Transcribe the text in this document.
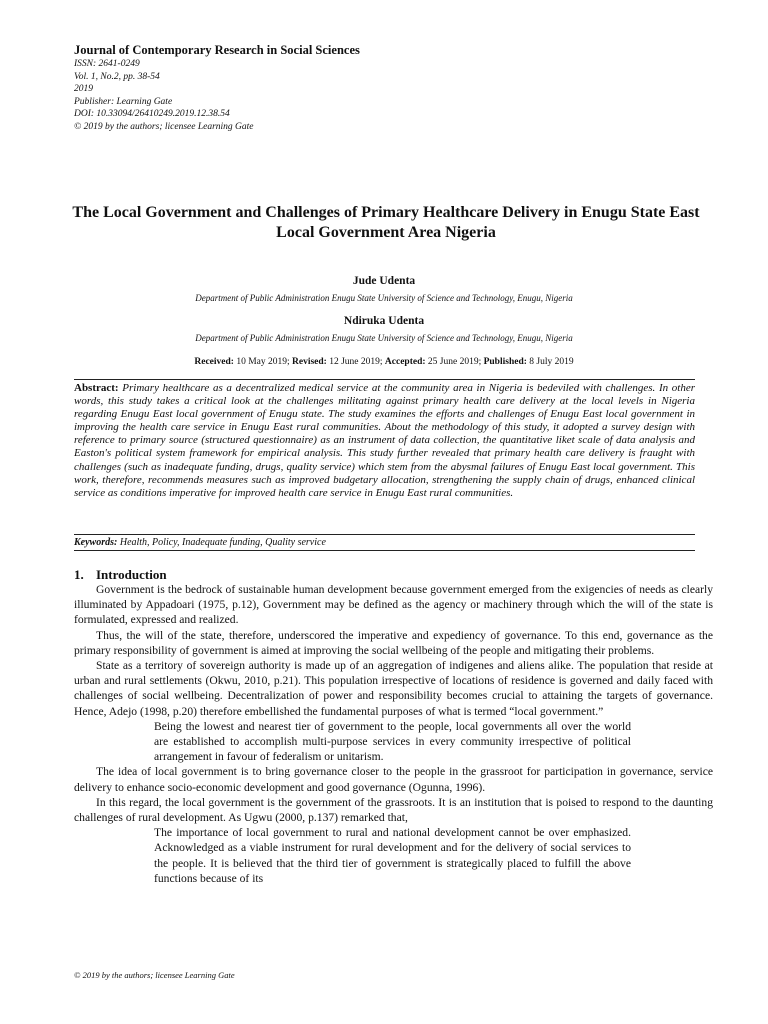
Journal of Contemporary Research in Social Sciences
ISSN: 2641-0249
Vol. 1, No.2, pp. 38-54
2019
Publisher: Learning Gate
DOI: 10.33094/26410249.2019.12.38.54
© 2019 by the authors; licensee Learning Gate
The Local Government and Challenges of Primary Healthcare Delivery in Enugu State East Local Government Area Nigeria
Jude Udenta
Department of Public Administration Enugu State University of Science and Technology, Enugu, Nigeria
Ndiruka Udenta
Department of Public Administration Enugu State University of Science and Technology, Enugu, Nigeria
Received: 10 May 2019; Revised: 12 June 2019; Accepted: 25 June 2019; Published: 8 July 2019
Abstract: Primary healthcare as a decentralized medical service at the community area in Nigeria is bedeviled with challenges. In other words, this study takes a critical look at the challenges militating against primary health care delivery at the local levels in Nigeria regarding Enugu East local government of Enugu state. The study examines the efforts and challenges of Enugu East local government in improving the health care service in Enugu East rural communities. About the methodology of this study, it adopted a survey design with reference to primary source (structured questionnaire) as an instrument of data collection, the quantitative liket scale of data analysis and Easton's political system framework for empirical analysis. This study further revealed that primary health care delivery is fraught with challenges (such as inadequate funding, drugs, quality service) which stem from the abysmal failures of Enugu East local government. This work, therefore, recommends measures such as improved budgetary allocation, strengthening the supply chain of drugs, enhanced clinical service as conditions imperative for improved health care service in Enugu East rural communities.
Keywords: Health, Policy, Inadequate funding, Quality service
1. Introduction

Government is the bedrock of sustainable human development because government emerged from the exigencies of needs as clearly illuminated by Appadoari (1975, p.12), Government may be defined as the agency or machinery through which the will of the state is formulated, expressed and realized.

Thus, the will of the state, therefore, underscored the imperative and expediency of governance. To this end, governance as the primary responsibility of government is aimed at improving the social wellbeing of the people and mitigating their problems.

State as a territory of sovereign authority is made up of an aggregation of indigenes and aliens alike. The population that reside at urban and rural settlements (Okwu, 2010, p.21). This population irrespective of locations of residence is governed and daily faced with challenges of social wellbeing. Decentralization of power and responsibility becomes crucial to attaining the targets of governance. Hence, Adejo (1998, p.20) therefore embellished the fundamental purposes of what is termed “local government.”

Being the lowest and nearest tier of government to the people, local governments all over the world are established to accomplish multi-purpose services in every community irrespective of political arrangement in favour of federalism or unitarism.

The idea of local government is to bring governance closer to the people in the grassroot for participation in governance, service delivery to enhance socio-economic development and good governance (Ogunna, 1996).

In this regard, the local government is the government of the grassroots. It is an institution that is poised to respond to the daunting challenges of rural development. As Ugwu (2000, p.137) remarked that,

The importance of local government to rural and national development cannot be over emphasized. Acknowledged as a viable instrument for rural development and for the delivery of social services to the people. It is believed that the third tier of government is strategically placed to fulfill the above functions because of its

© 2019 by the authors; licensee Learning Gate
